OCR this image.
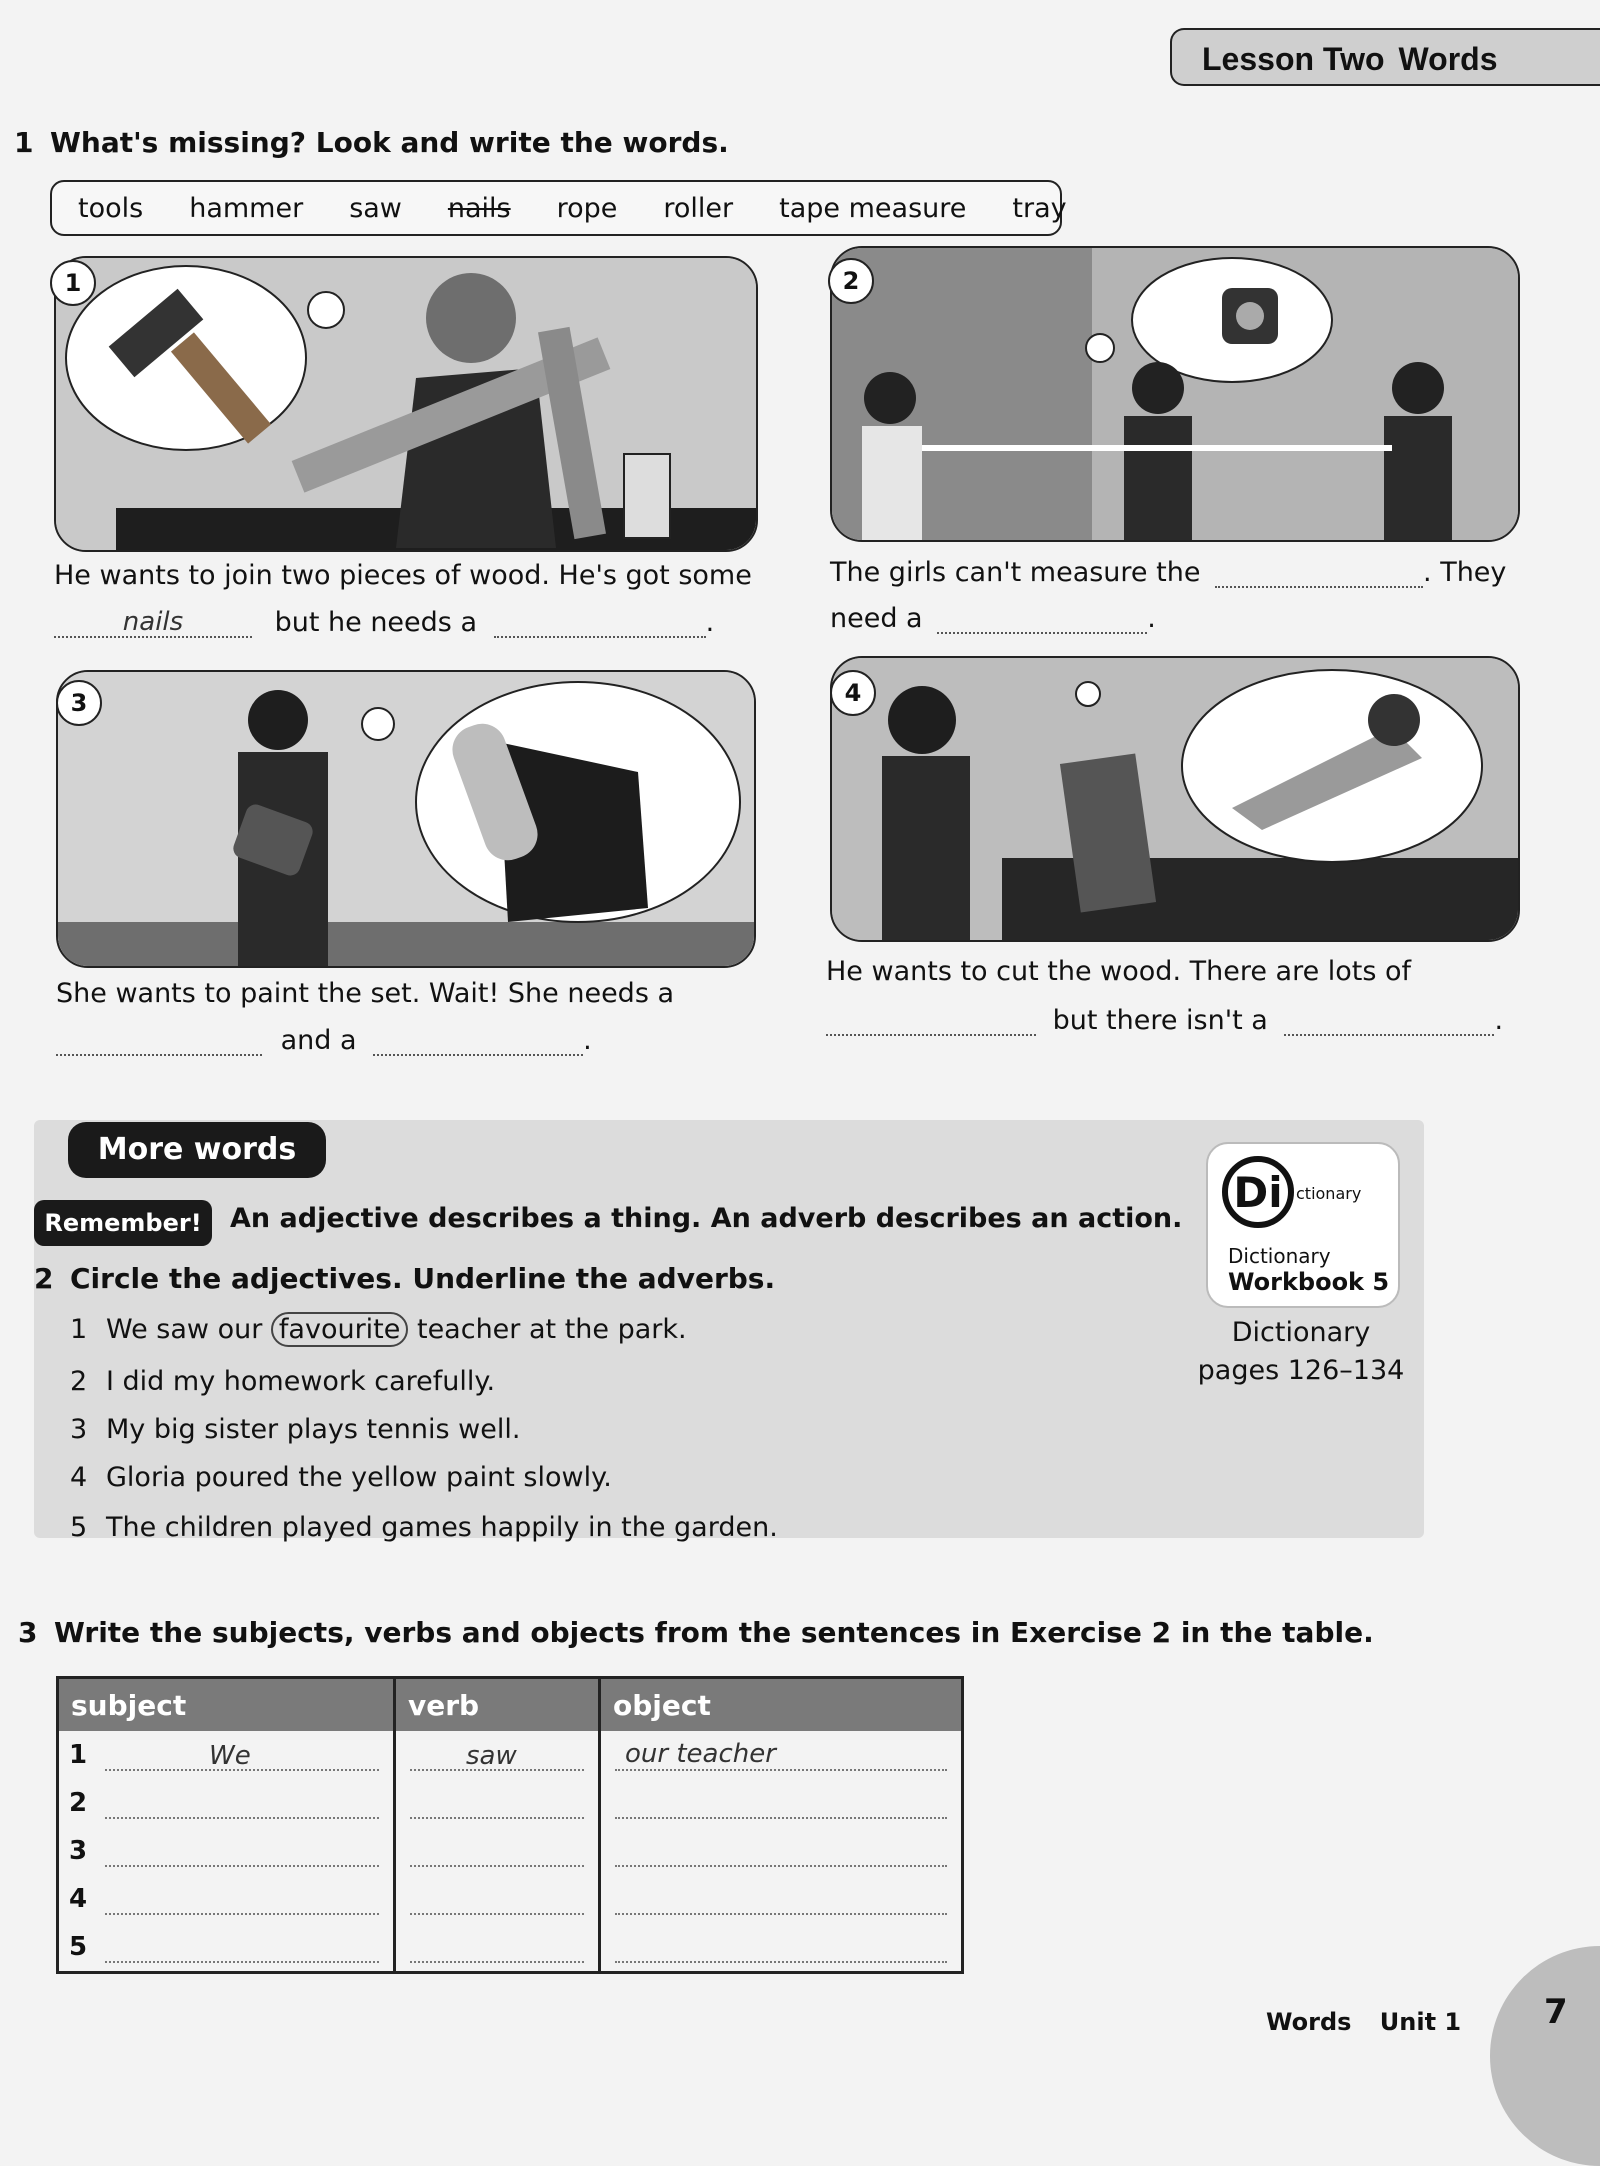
Lesson Two Words
1 What's missing? Look and write the words.
tools hammer saw nails rope roller tape measure tray
1
He wants to join two pieces of wood. He's got some
nails	but he needs a	.
2
The girls can't measure the	. They
need a	.
3
She wants to paint the set. Wait! She needs a
and a	.
4
He wants to cut the wood. There are lots of
but there isn't a	.
More words
Remember!	An adjective describes a thing. An adverb describes an action.
2 Circle the adjectives. Underline the adverbs.
1 We saw our favourite teacher at the park.
2 I did my homework carefully.
3 My big sister plays tennis well.
4 Gloria poured the yellow paint slowly.
5 The children played games happily in the garden.
Di ctionary
Dictionary
Workbook 5
Dictionary
pages 126–134
3 Write the subjects, verbs and objects from the sentences in Exercise 2 in the table.
subject	verb	object
1 We	saw	our teacher

2

3

4

5

Words Unit 1 7
